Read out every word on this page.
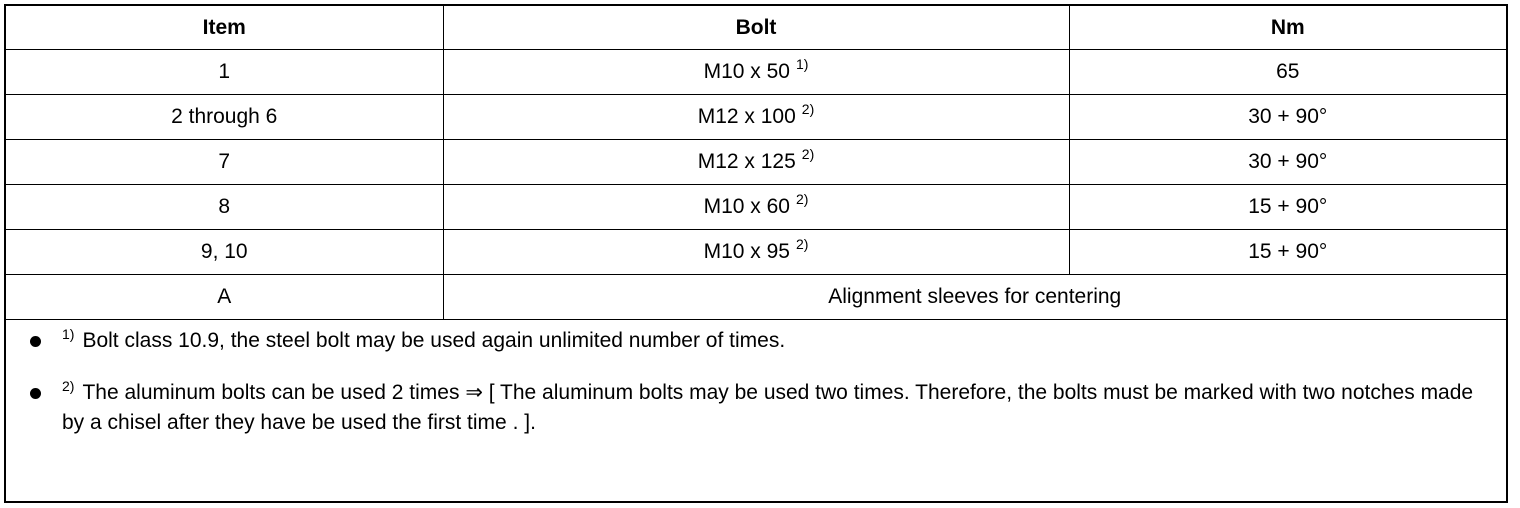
Item	Bolt	Nm
1	M10 x 50 $^{1)}$	65
2 through 6	M12 x 100 $^{2)}$	30 + 90°
7	M12 x 125 $^{2)}$	30 + 90°
8	M10 x 60 $^{2)}$	15 + 90°
9, 10	M10 x 95 $^{2)}$	15 + 90°
A	Alignment sleeves for centering	
$^{1)}$ Bolt class 10.9, the steel bolt may be used again unlimited number of times.
$^{2)}$ The aluminum bolts can be used 2 times ⇒ [ The aluminum bolts may be used two times. Therefore, the bolts must be marked with two notches made by a chisel after they have be used the first time . ].
